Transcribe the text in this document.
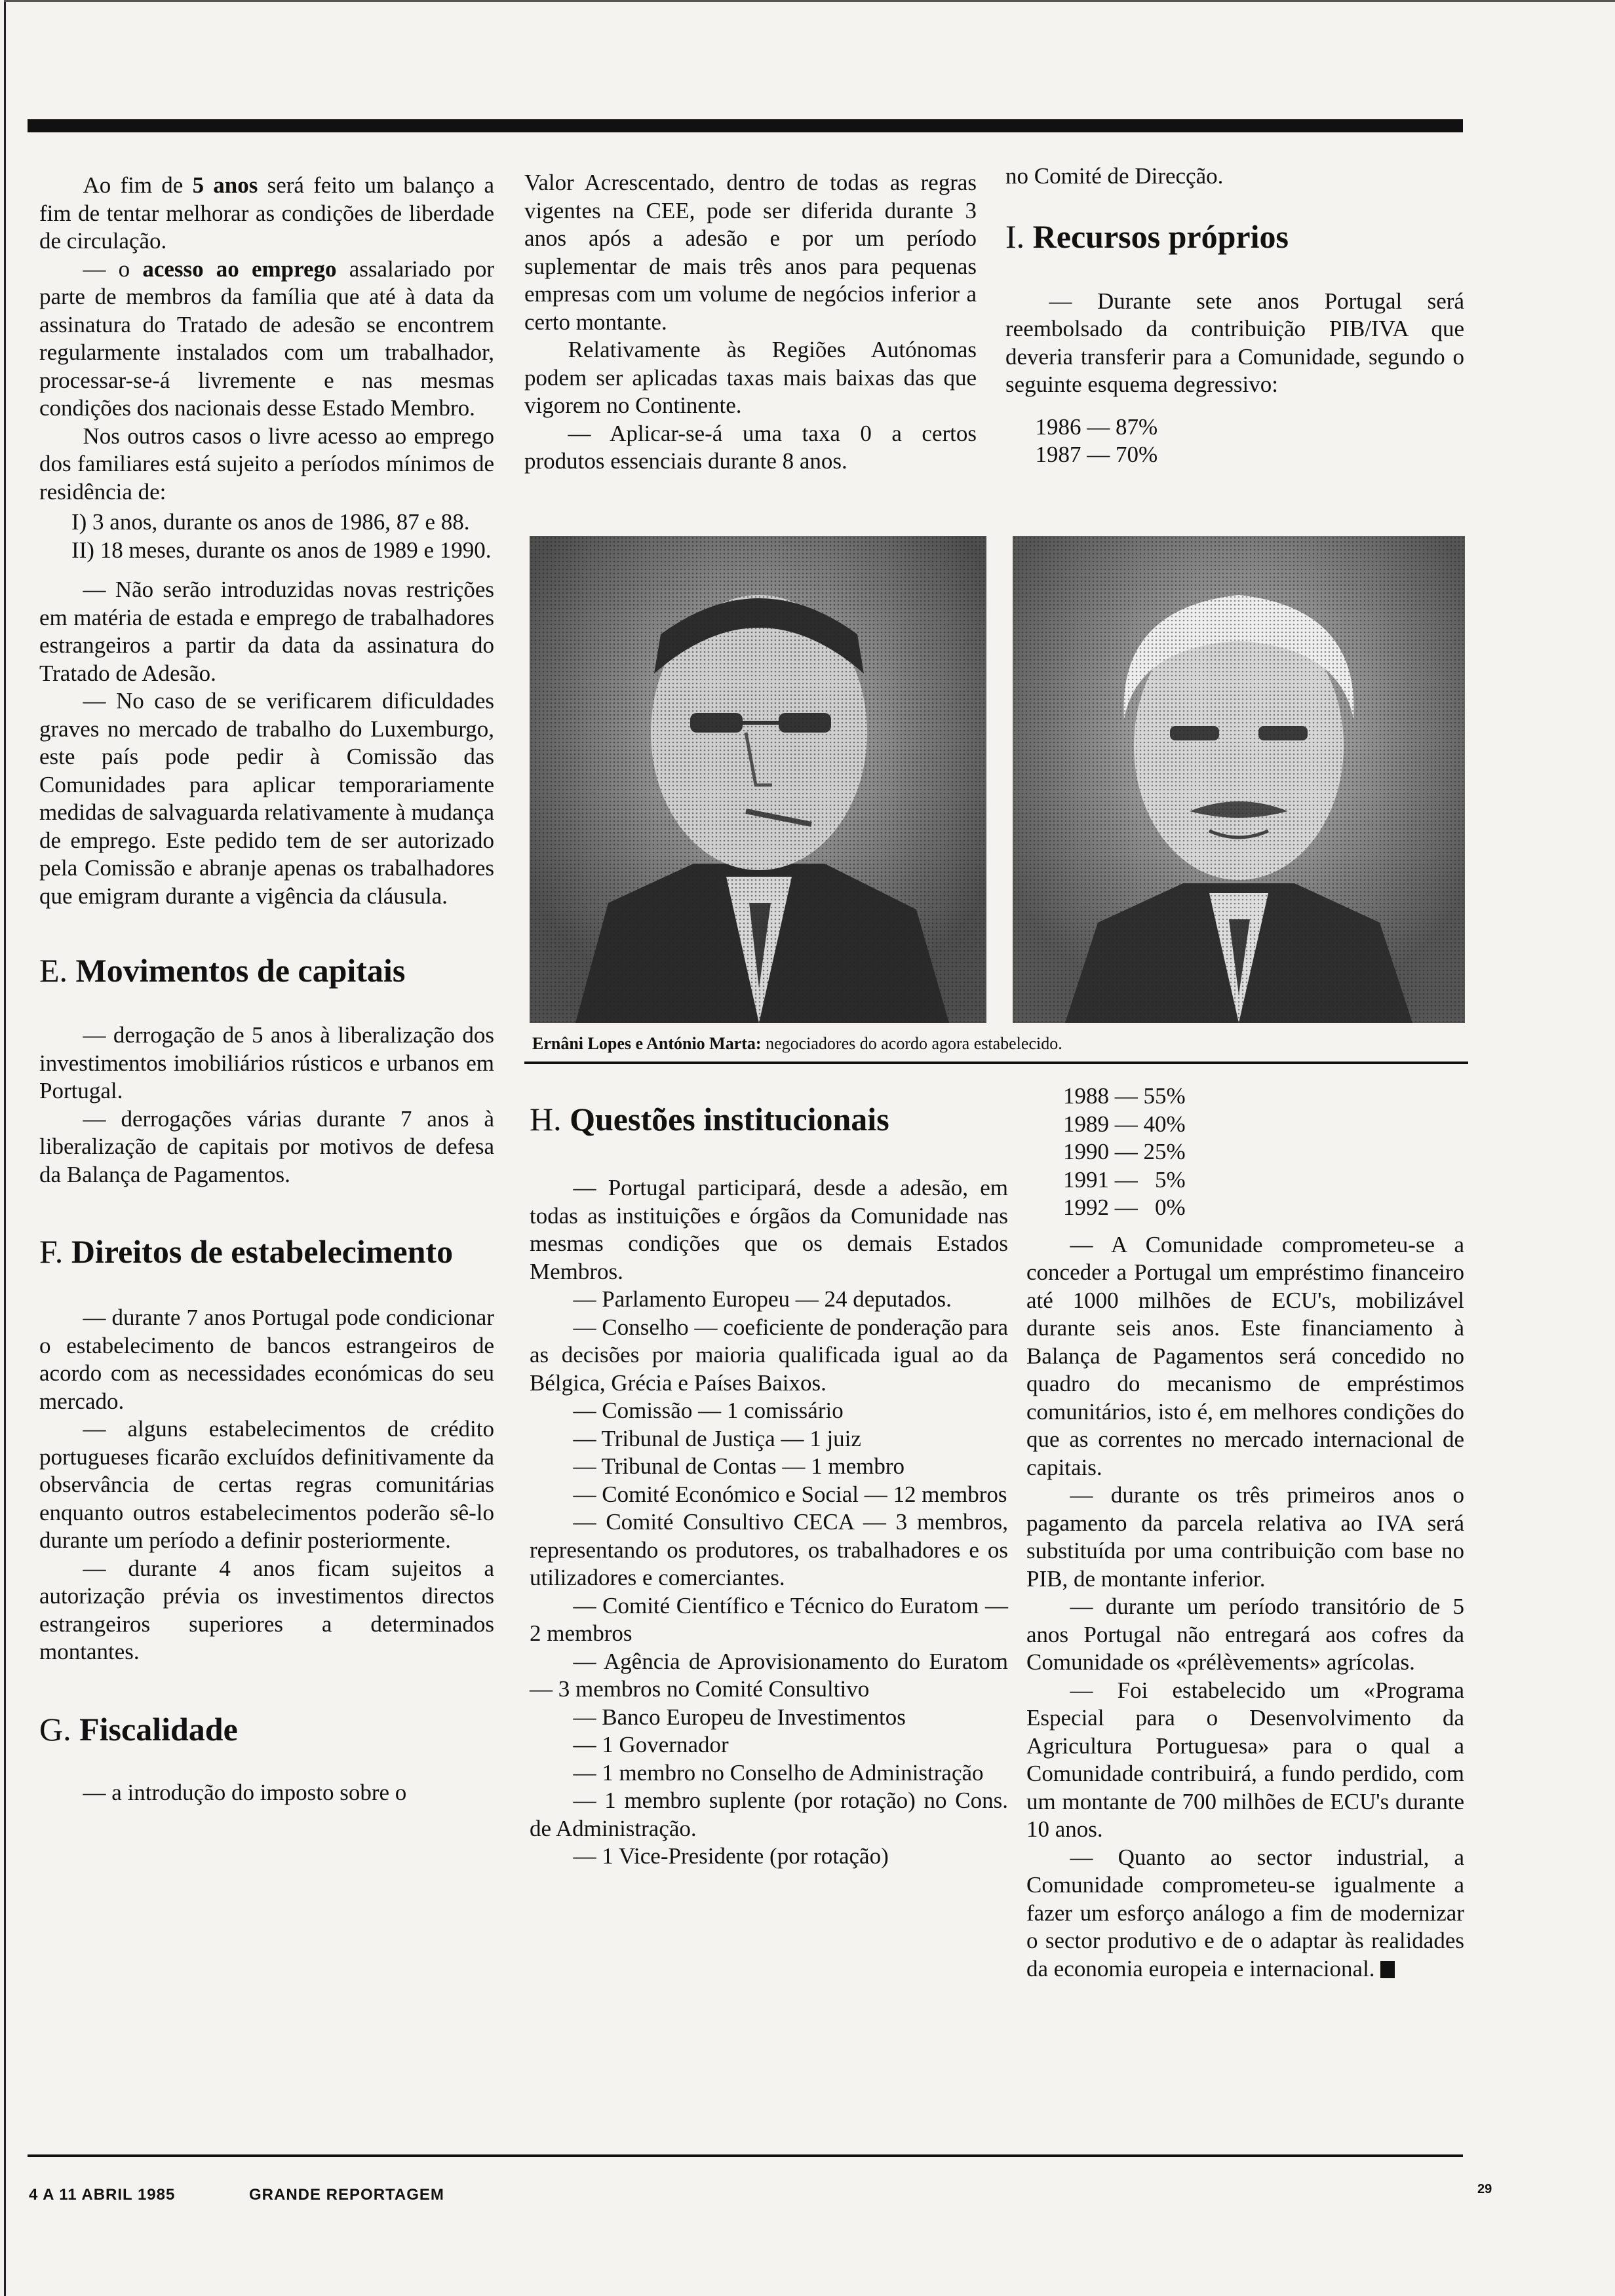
Ao fim de 5 anos será feito um balanço a fim de tentar melhorar as condições de liberdade de circulação.

— o acesso ao emprego assalariado por parte de membros da família que até à data da assinatura do Tratado de adesão se encontrem regularmente instalados com um trabalhador, processar-se-á livremente e nas mesmas condições dos nacionais desse Estado Membro.

Nos outros casos o livre acesso ao emprego dos familiares está sujeito a períodos mínimos de residência de:

I) 3 anos, durante os anos de 1986, 87 e 88.

II) 18 meses, durante os anos de 1989 e 1990.

— Não serão introduzidas novas restrições em matéria de estada e emprego de trabalhadores estrangeiros a partir da data da assinatura do Tratado de Adesão.

— No caso de se verificarem dificuldades graves no mercado de trabalho do Luxemburgo, este país pode pedir à Comissão das Comunidades para aplicar temporariamente medidas de salvaguarda relativamente à mudança de emprego. Este pedido tem de ser autorizado pela Comissão e abranje apenas os trabalhadores que emigram durante a vigência da cláusula.

E. Movimentos de capitais

— derrogação de 5 anos à liberalização dos investimentos imobiliários rústicos e urbanos em Portugal.

— derrogações várias durante 7 anos à liberalização de capitais por motivos de defesa da Balança de Pagamentos.

F. Direitos de estabelecimento

— durante 7 anos Portugal pode condicionar o estabelecimento de bancos estrangeiros de acordo com as necessidades económicas do seu mercado.

— alguns estabelecimentos de crédito portugueses ficarão excluídos definitivamente da observância de certas regras comunitárias enquanto outros estabelecimentos poderão sê-lo durante um período a definir posteriormente.

— durante 4 anos ficam sujeitos a autorização prévia os investimentos directos estrangeiros superiores a determinados montantes.

G. Fiscalidade

— a introdução do imposto sobre o

Valor Acrescentado, dentro de todas as regras vigentes na CEE, pode ser diferida durante 3 anos após a adesão e por um período suplementar de mais três anos para pequenas empresas com um volume de negócios inferior a certo montante.

Relativamente às Regiões Autónomas podem ser aplicadas taxas mais baixas das que vigorem no Continente.

— Aplicar-se-á uma taxa 0 a certos produtos essenciais durante 8 anos.

no Comité de Direcção.

I. Recursos próprios

— Durante sete anos Portugal será reembolsado da contribuição PIB/IVA que deveria transferir para a Comunidade, segundo o seguinte esquema degressivo:

1986 — 87%

1987 — 70%

Ernâni Lopes e António Marta: negociadores do acordo agora estabelecido.
H. Questões institucionais

— Portugal participará, desde a adesão, em todas as instituições e órgãos da Comunidade nas mesmas condições que os demais Estados Membros.

— Parlamento Europeu — 24 deputados.

— Conselho — coeficiente de ponderação para as decisões por maioria qualificada igual ao da Bélgica, Grécia e Países Baixos.

— Comissão — 1 comissário

— Tribunal de Justiça — 1 juiz

— Tribunal de Contas — 1 membro

— Comité Económico e Social — 12 membros

— Comité Consultivo CECA — 3 membros, representando os produtores, os trabalhadores e os utilizadores e comerciantes.

— Comité Científico e Técnico do Euratom — 2 membros

— Agência de Aprovisionamento do Euratom — 3 membros no Comité Consultivo

— Banco Europeu de Investimentos

— 1 Governador

— 1 membro no Conselho de Administração

— 1 membro suplente (por rotação) no Cons. de Administração.

— 1 Vice-Presidente (por rotação)

1988 — 55%

1989 — 40%

1990 — 25%

1991 —   5%

1992 —   0%

— A Comunidade comprometeu-se a conceder a Portugal um empréstimo financeiro até 1000 milhões de ECU's, mobilizável durante seis anos. Este financiamento à Balança de Pagamentos será concedido no quadro do mecanismo de empréstimos comunitários, isto é, em melhores condições do que as correntes no mercado internacional de capitais.

— durante os três primeiros anos o pagamento da parcela relativa ao IVA será substituída por uma contribuição com base no PIB, de montante inferior.

— durante um período transitório de 5 anos Portugal não entregará aos cofres da Comunidade os «prélèvements» agrícolas.

— Foi estabelecido um «Programa Especial para o Desenvolvimento da Agricultura Portuguesa» para o qual a Comunidade contribuirá, a fundo perdido, com um montante de 700 milhões de ECU's durante 10 anos.

— Quanto ao sector industrial, a Comunidade comprometeu-se igualmente a fazer um esforço análogo a fim de modernizar o sector produtivo e de o adaptar às realidades da economia europeia e internacional.

4 A 11 ABRIL 1985	GRANDE REPORTAGEM	29
